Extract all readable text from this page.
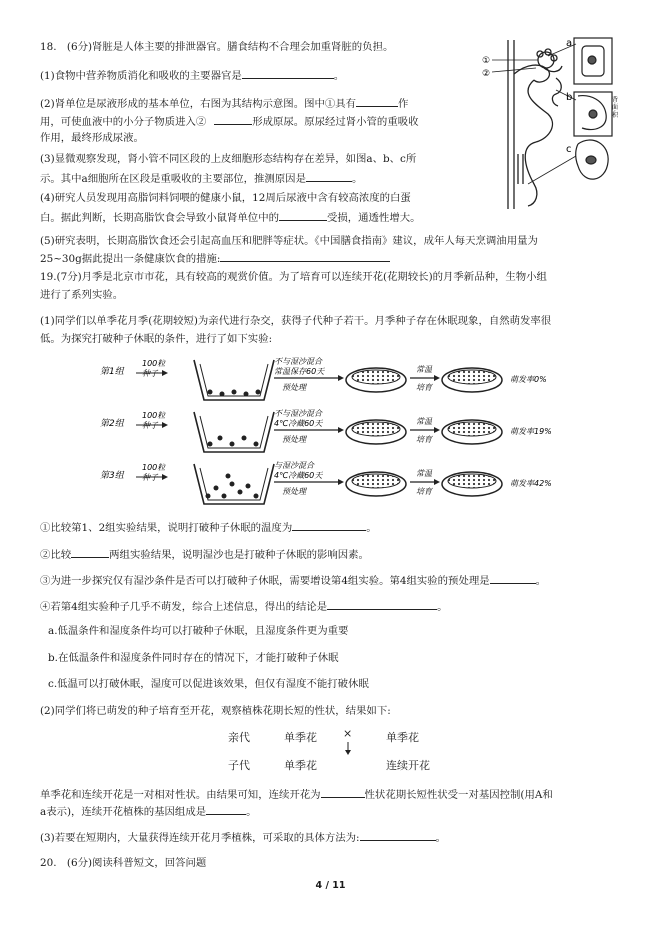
18.　(6分)肾脏是人体主要的排泄器官。膳食结构不合理会加重肾脏的负担。
(1)食物中营养物质消化和吸收的主要器官是	。
(2)肾单位是尿液形成的基本单位，右图为其结构示意图。图中①具有	作
用，可使血液中的小分子物质进入②	形成原尿。原尿经过肾小管的重吸收
作用，最终形成尿液。
(3)显微观察发现，肾小管不同区段的上皮细胞形态结构存在差异，如图a、b、c所
示。其中a细胞所在区段是重吸收的主要部位，推测原因是	。
(4)研究人员发现用高脂饲料饲喂的健康小鼠，12周后尿液中含有较高浓度的白蛋
白。据此判断，长期高脂饮食会导致小鼠肾单位中的	受损，通透性增大。
(5)研究表明，长期高脂饮食还会引起高血压和肥胖等症状。《中国膳食指南》建议，成年人每天烹调油用量为
25~30g据此提出一条健康饮食的措施:
①
②
a
b
c
背·面·积
19.(7分)月季是北京市市花，具有较高的观赏价值。为了培育可以连续开花(花期较长)的月季新品种，生物小组
进行了系列实验。
(1)同学们以单季花月季(花期较短)为亲代进行杂交，获得子代种子若干。月季种子存在休眠现象，自然萌发率很
低。为探究打破种子休眠的条件，进行了如下实验:
第1组
100粒种子
不与湿沙混合
常温保存60天
预处理
常温
培育
萌发率0%
第2组
100粒种子
不与湿沙混合
4℃冷藏60天
预处理
常温
培育
萌发率19%
第3组
100粒种子
与湿沙混合
4℃冷藏60天
预处理
常温
培育
萌发率42%
①比较第1、2组实验结果，说明打破种子休眠的温度为	。
②比较	两组实验结果，说明湿沙也是打破种子休眠的影响因素。
③为进一步探究仅有湿沙条件是否可以打破种子休眠，需要增设第4组实验。第4组实验的预处理是	。
④若第4组实验种子几乎不萌发，综合上述信息，得出的结论是	。
a.低温条件和湿度条件均可以打破种子休眠，且湿度条件更为重要
b.在低温条件和湿度条件同时存在的情况下，才能打破种子休眠
c.低温可以打破休眠，湿度可以促进该效果，但仅有湿度不能打破休眠
(2)同学们将已萌发的种子培育至开花，观察植株花期长短的性状，结果如下:
亲代	单季花 ×	单季花
子代	单季花	连续开花
单季花和连续开花是一对相对性状。由结果可知，连续开花为	性状花期长短性状受一对基因控制(用A和
a表示)，连续开花植株的基因组成是	。
(3)若要在短期内，大量获得连续开花月季植株，可采取的具体方法为:	。
20.　(6分)阅读科普短文，回答问题
4 / 11
